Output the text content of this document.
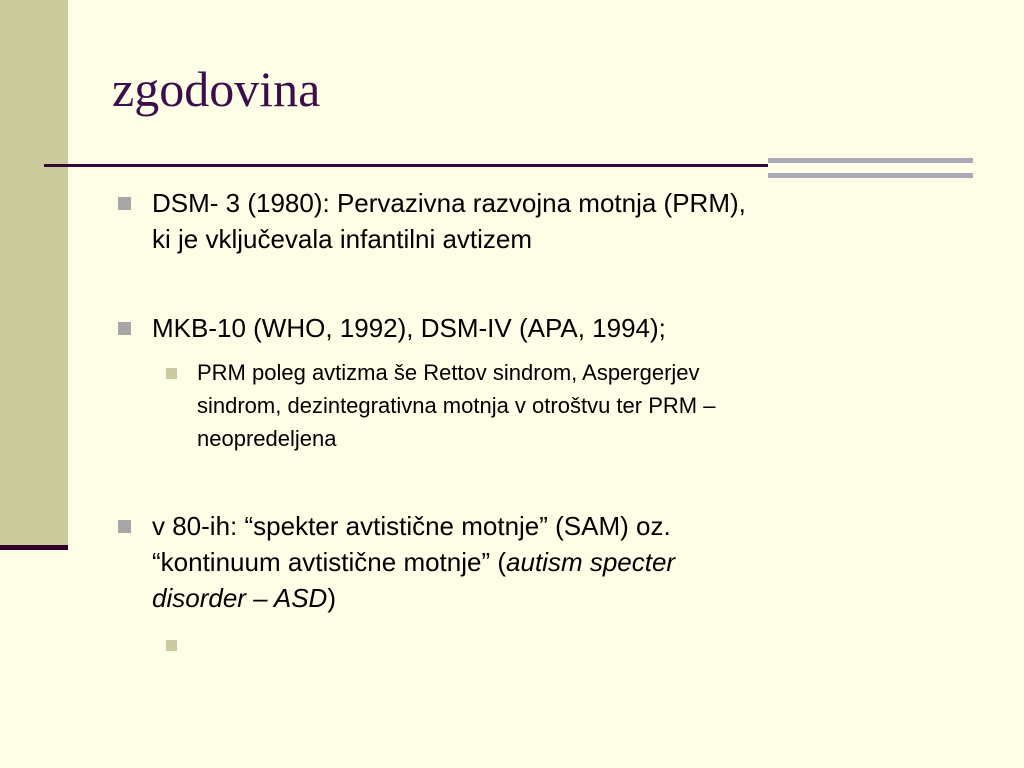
zgodovina
DSM- 3 (1980): Pervazivna razvojna motnja (PRM),
ki je vključevala infantilni avtizem
MKB-10 (WHO, 1992), DSM-IV (APA, 1994);
PRM poleg avtizma še Rettov sindrom, Aspergerjev
sindrom, dezintegrativna motnja v otroštvu ter PRM –
neopredeljena
v 80-ih: “spekter avtistične motnje” (SAM) oz.
“kontinuum avtistične motnje” (autism specter
disorder – ASD)
